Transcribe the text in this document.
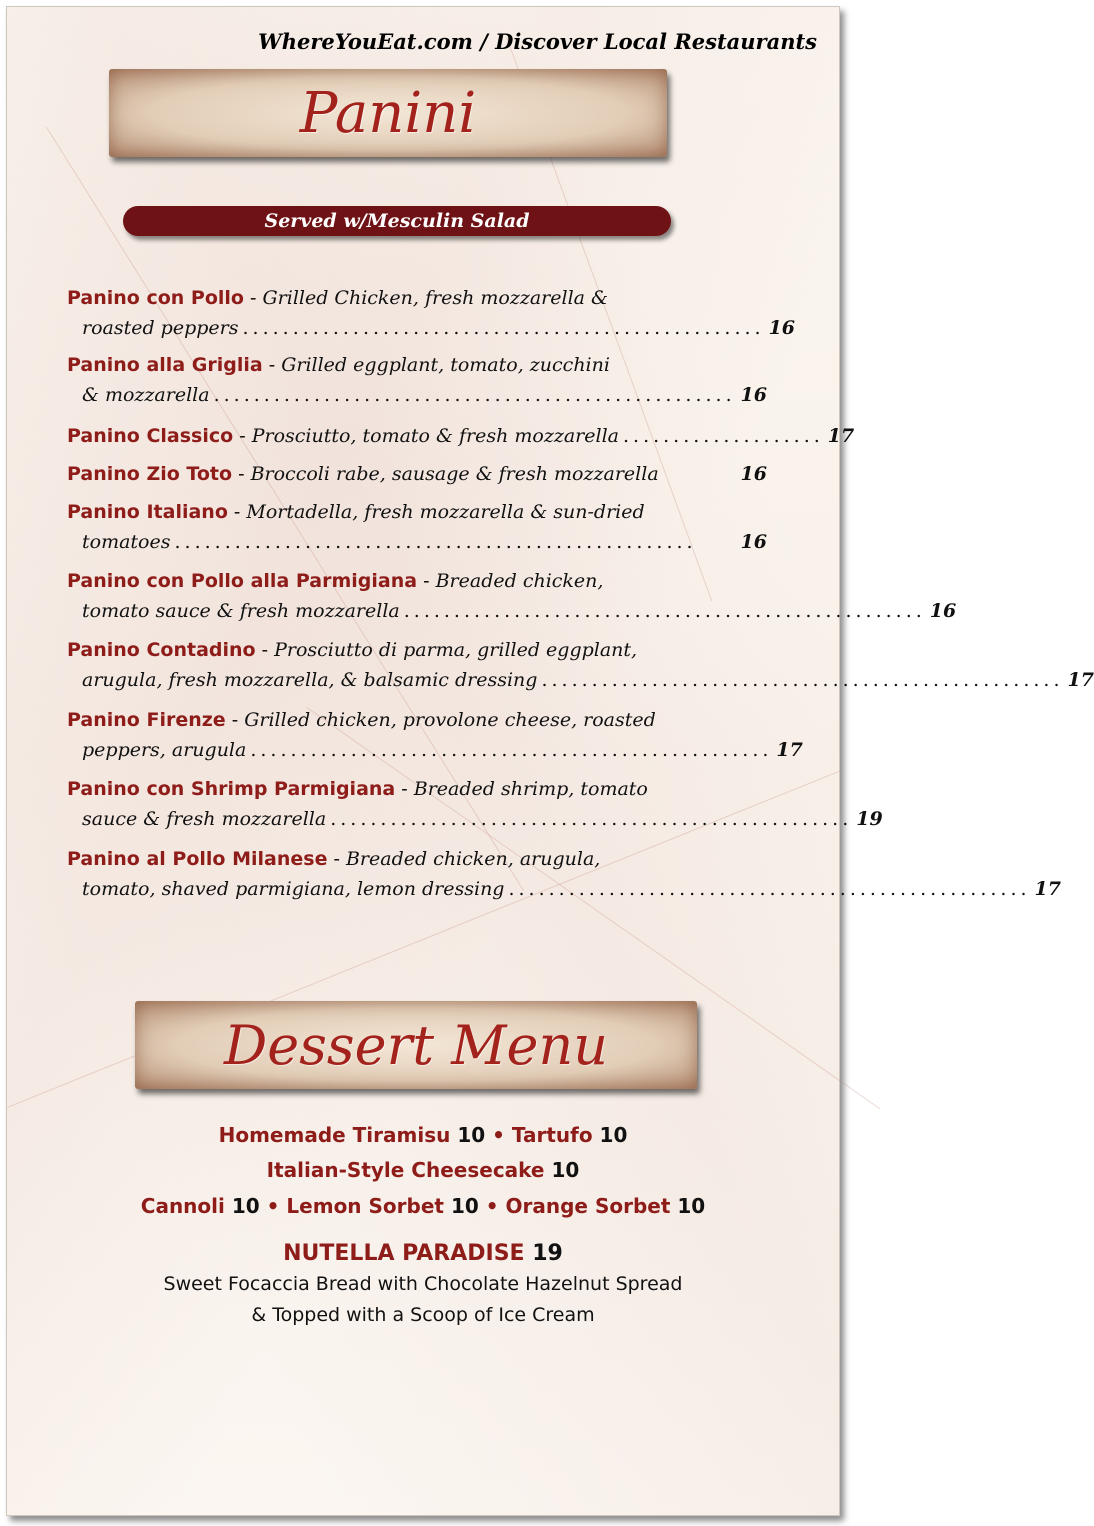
WhereYouEat.com / Discover Local Restaurants
Panini
Served w/Mesculin Salad
Panino con Pollo - Grilled Chicken, fresh mozzarella &
roasted peppers .................................................... 16
Panino alla Griglia - Grilled eggplant, tomato, zucchini
& mozzarella .................................................... 16
Panino Classico - Prosciutto, tomato & fresh mozzarella .................... 17
Panino Zio Toto - Broccoli rabe, sausage & fresh mozzarella	16
Panino Italiano - Mortadella, fresh mozzarella & sun-dried
tomatoes ....................................................	16
Panino con Pollo alla Parmigiana - Breaded chicken,
tomato sauce & fresh mozzarella .................................................... 16
Panino Contadino - Prosciutto di parma, grilled eggplant,
arugula, fresh mozzarella, & balsamic dressing .................................................... 17
Panino Firenze - Grilled chicken, provolone cheese, roasted
peppers, arugula .................................................... 17
Panino con Shrimp Parmigiana - Breaded shrimp, tomato
sauce & fresh mozzarella .................................................... 19
Panino al Pollo Milanese - Breaded chicken, arugula,
tomato, shaved parmigiana, lemon dressing .................................................... 17
Dessert Menu
Homemade Tiramisu 10 • Tartufo 10
Italian-Style Cheesecake 10
Cannoli 10 • Lemon Sorbet 10 • Orange Sorbet 10
NUTELLA PARADISE 19
Sweet Focaccia Bread with Chocolate Hazelnut Spread
& Topped with a Scoop of Ice Cream
